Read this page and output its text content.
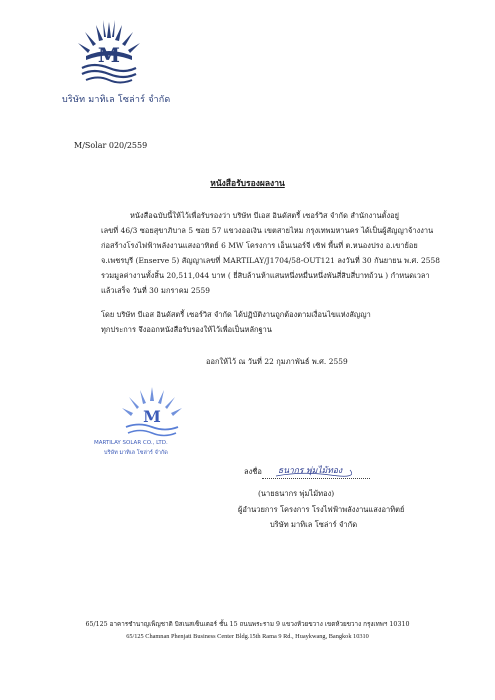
M
บริษัท มาทิเล โซล่าร์ จำกัด
M/Solar 020/2559
หนังสือรับรองผลงาน
หนังสือฉบับนี้ให้ไว้เพื่อรับรองว่า บริษัท บีเอส อินดัสตรี้ เซอร์วิส จำกัด สำนักงานตั้งอยู่
เลขที่ 46/3 ซอยสุขาภิบาล 5 ซอย 57 แขวงออเงิน เขตสายไหม กรุงเทพมหานคร ได้เป็นผู้สัญญาจ้างงาน
ก่อสร้างโรงไฟฟ้าพลังงานแสงอาทิตย์ 6 MW โครงการ เอ็นเนอร์จี เซิฟ พื้นที่ ต.หนองปรง อ.เขาย้อย
จ.เพชรบุรี (Enserve 5) สัญญาเลขที่ MARTILAY/J1704/58-OUT121 ลงวันที่ 30 กันยายน พ.ศ. 2558
รวมมูลค่างานทั้งสิ้น 20,511,044 บาท ( ยี่สิบล้านห้าแสนหนึ่งหมื่นหนึ่งพันสี่สิบสี่บาทถ้วน ) กำหนดเวลา
แล้วเสร็จ วันที่ 30 มกราคม 2559
โดย บริษัท บีเอส อินดัสตรี้ เซอร์วิส จำกัด ได้ปฏิบัติงานถูกต้องตามเงื่อนไขแห่งสัญญา
ทุกประการ จึงออกหนังสือรับรองให้ไว้เพื่อเป็นหลักฐาน
ออกให้ไว้ ณ วันที่ 22 กุมภาพันธ์ พ.ศ. 2559
M
MARTILAY SOLAR CO., LTD.
บริษัท มาทิเล โซล่าร์ จำกัด
ลงชื่อ ธนากร พุ่มไม้ทอง
(นายธนากร พุ่มไม้ทอง)
ผู้อำนวยการ โครงการ โรงไฟฟ้าพลังงานแสงอาทิตย์
บริษัท มาทิเล โซล่าร์ จำกัด
65/125 อาคารชำนาญเพ็ญชาติ บิสเนสเซ็นเตอร์ ชั้น 15 ถนนพระราม 9 แขวงห้วยขวาง เขตห้วยขวาง กรุงเทพฯ 10310
65/125 Chamnan Phenjati Business Center Bldg.15th Rama 9 Rd., Huaykwang, Bangkok 10310
